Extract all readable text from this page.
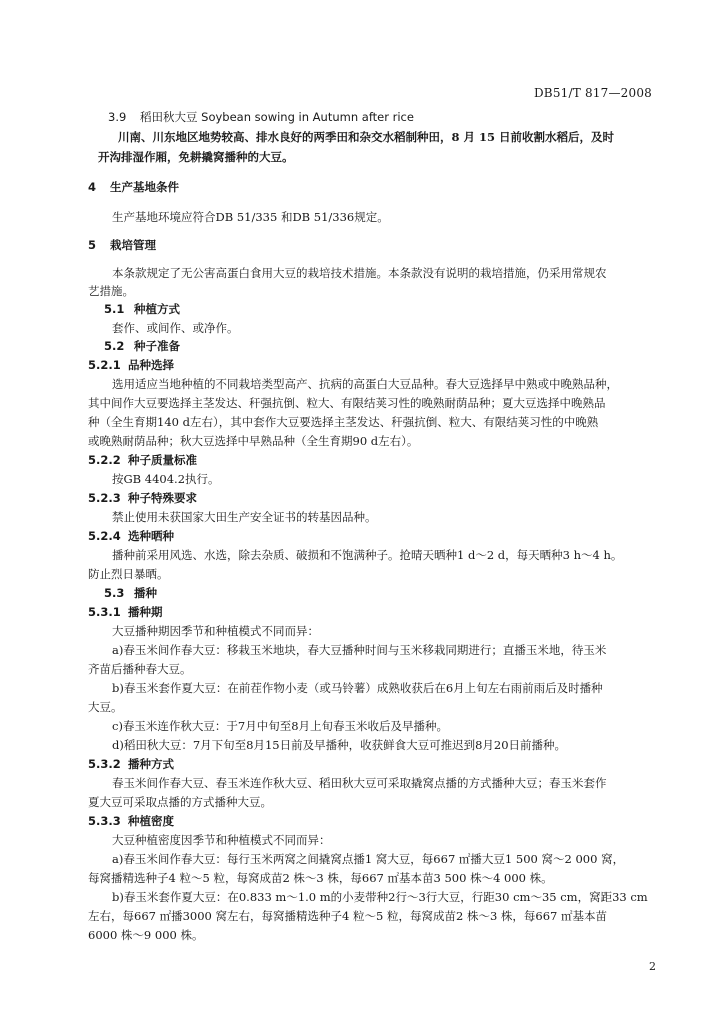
DB51/T 817—2008
3.9 稻田秋大豆 Soybean sowing in Autumn after rice
川南、川东地区地势较高、排水良好的两季田和杂交水稻制种田，8 月 15 日前收割水稻后，及时
开沟排湿作厢，免耕撬窝播种的大豆。
4 生产基地条件
生产基地环境应符合DB 51/335 和DB 51/336规定。
5 栽培管理
本条款规定了无公害高蛋白食用大豆的栽培技术措施。本条款没有说明的栽培措施，仍采用常规农
艺措施。
5.1 种植方式
套作、或间作、或净作。
5.2 种子准备
5.2.1 品种选择
选用适应当地种植的不同栽培类型高产、抗病的高蛋白大豆品种。春大豆选择早中熟或中晚熟品种，
其中间作大豆要选择主茎发达、秆强抗倒、粒大、有限结荚习性的晚熟耐荫品种；夏大豆选择中晚熟品
种（全生育期140 d左右），其中套作大豆要选择主茎发达、秆强抗倒、粒大、有限结荚习性的中晚熟
或晚熟耐荫品种；秋大豆选择中早熟品种（全生育期90 d左右）。
5.2.2 种子质量标准
按GB 4404.2执行。
5.2.3 种子特殊要求
禁止使用未获国家大田生产安全证书的转基因品种。
5.2.4 选种晒种
播种前采用风选、水选，除去杂质、破损和不饱满种子。抢晴天晒种1 d～2 d，每天晒种3 h～4 h。
防止烈日暴晒。
5.3 播种
5.3.1 播种期
大豆播种期因季节和种植模式不同而异：
a)春玉米间作春大豆：移栽玉米地块，春大豆播种时间与玉米移栽同期进行；直播玉米地，待玉米
齐苗后播种春大豆。
b)春玉米套作夏大豆：在前茬作物小麦（或马铃薯）成熟收获后在6月上旬左右雨前雨后及时播种
大豆。
c)春玉米连作秋大豆：于7月中旬至8月上旬春玉米收后及早播种。
d)稻田秋大豆：7月下旬至8月15日前及早播种，收获鲜食大豆可推迟到8月20日前播种。
5.3.2 播种方式
春玉米间作春大豆、春玉米连作秋大豆、稻田秋大豆可采取撬窝点播的方式播种大豆；春玉米套作
夏大豆可采取点播的方式播种大豆。
5.3.3 种植密度
大豆种植密度因季节和种植模式不同而异：
a)春玉米间作春大豆：每行玉米两窝之间撬窝点播1 窝大豆，每667 ㎡播大豆1 500 窝～2 000 窝，
每窝播精选种子4 粒～5 粒，每窝成苗2 株～3 株，每667 ㎡基本苗3 500 株～4 000 株。
b)春玉米套作夏大豆：在0.833 m～1.0 m的小麦带种2行～3行大豆，行距30 cm～35 cm，窝距33 cm
左右，每667 ㎡播3000 窝左右，每窝播精选种子4 粒～5 粒，每窝成苗2 株～3 株，每667 ㎡基本苗
6000 株～9 000 株。
2
